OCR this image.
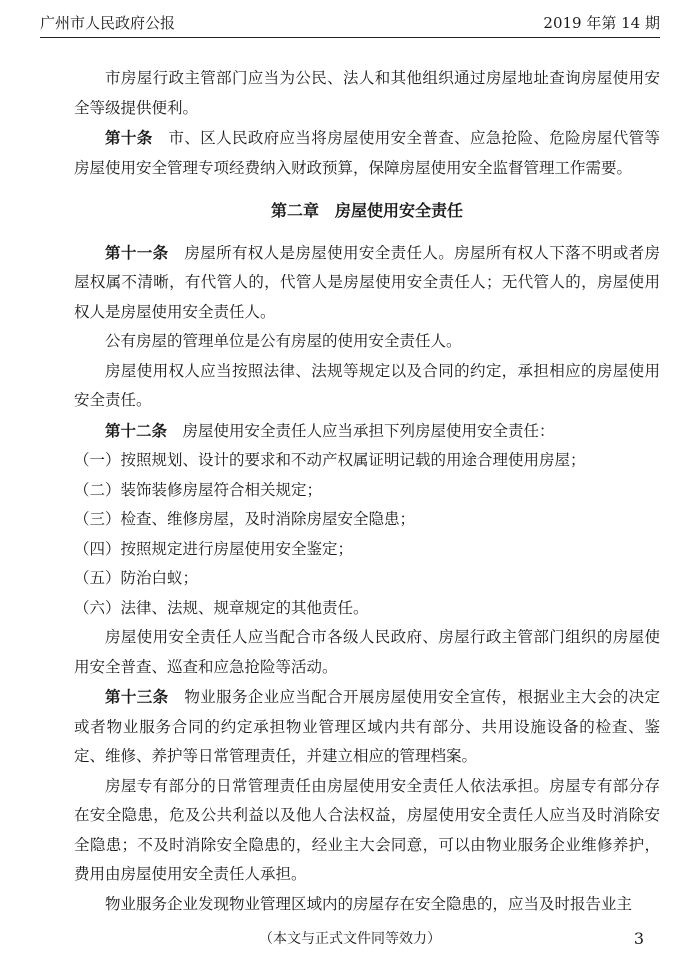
广州市人民政府公报	2019 年第 14 期

市房屋行政主管部门应当为公民、法人和其他组织通过房屋地址查询房屋使用安全等级提供便利。

第十条　 市、区人民政府应当将房屋使用安全普查、应急抢险、危险房屋代管等房屋使用安全管理专项经费纳入财政预算，保障房屋使用安全监督管理工作需要。

第二章　房屋使用安全责任

第十一条　 房屋所有权人是房屋使用安全责任人。房屋所有权人下落不明或者房屋权属不清晰，有代管人的，代管人是房屋使用安全责任人；无代管人的，房屋使用权人是房屋使用安全责任人。

公有房屋的管理单位是公有房屋的使用安全责任人。

房屋使用权人应当按照法律、法规等规定以及合同的约定，承担相应的房屋使用安全责任。

第十二条　 房屋使用安全责任人应当承担下列房屋使用安全责任：

（一）按照规划、设计的要求和不动产权属证明记载的用途合理使用房屋；

（二）装饰装修房屋符合相关规定；

（三）检查、维修房屋，及时消除房屋安全隐患；

（四）按照规定进行房屋使用安全鉴定；

（五）防治白蚁；

（六）法律、法规、规章规定的其他责任。

房屋使用安全责任人应当配合市各级人民政府、房屋行政主管部门组织的房屋使用安全普查、巡查和应急抢险等活动。

第十三条　 物业服务企业应当配合开展房屋使用安全宣传，根据业主大会的决定或者物业服务合同的约定承担物业管理区域内共有部分、共用设施设备的检查、鉴定、维修、养护等日常管理责任，并建立相应的管理档案。

房屋专有部分的日常管理责任由房屋使用安全责任人依法承担。房屋专有部分存在安全隐患，危及公共利益以及他人合法权益，房屋使用安全责任人应当及时消除安全隐患；不及时消除安全隐患的，经业主大会同意，可以由物业服务企业维修养护，费用由房屋使用安全责任人承担。

物业服务企业发现物业管理区域内的房屋存在安全隐患的，应当及时报告业主

（本文与正式文件同等效力）	3
